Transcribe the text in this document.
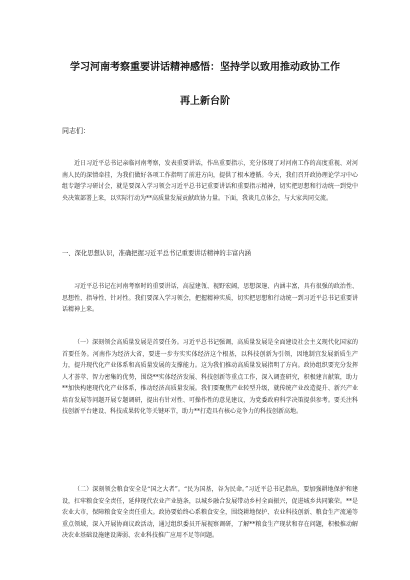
学习河南考察重要讲话精神感悟：坚持学以致用推动政协工作
再上新台阶
同志们：

近日习近平总书记亲临河南考察，发表重要讲话，作出重要指示，充分体现了对河南工作的高度重视、对河南人民的深情牵挂，为我们做好各项工作指明了前进方向，提供了根本遵循。今天，我们召开政协理论学习中心组专题学习研讨会，就是要深入学习领会习近平总书记重要讲话和重要指示精神，切实把思想和行动统一到党中央决策部署上来，以实际行动为**高质量发展贡献政协力量。下面，我谈几点体会，与大家共同交流。

一、深化思想认识，准确把握习近平总书记重要讲话精神的丰富内涵

习近平总书记在河南考察时的重要讲话，高屋建瓴、视野宏阔，思想深邃、内涵丰富，具有很强的政治性、思想性、指导性、针对性。我们要深入学习领会，把握精神实质，切实把思想和行动统一到习近平总书记重要讲话精神上来。

（一）深刻领会高质量发展是首要任务。习近平总书记强调，高质量发展是全面建设社会主义现代化国家的首要任务。河南作为经济大省，要进一步夯实实体经济这个根基，以科技创新为引领，因地制宜发展新质生产力，提升现代化产业体系和高质量发展的支撑能力。这为我们推动高质量发展指明了方向。政协组织要充分发挥人才荟萃、智力密集的优势，围绕**实体经济发展、科技创新等重点工作，深入调查研究，积极建言献策，助力**加快构建现代化产业体系，推动经济高质量发展。我们要聚焦产业转型升级，就传统产业改造提升、新兴产业培育发展等问题开展专题调研，提出有针对性、可操作性的意见建议，为党委政府科学决策提供参考。要关注科技创新平台建设、科技成果转化等关键环节，助力**打造具有核心竞争力的科技创新高地。

（二）深刻领会粮食安全是“国之大者”。“民为国基，谷为民命。”习近平总书记指出，要加强耕地保护和建设，扛牢粮食安全责任，延伸现代农业产业链条，以城乡融合发展带动乡村全面振兴，促进城乡共同繁荣。**是农业大市，保障粮食安全责任重大。政协要始终心系粮食安全，围绕耕地保护、农业科技创新、粮食生产流通等重点领域，深入开展协商议政活动，通过组织委员开展视察调研，了解**粮食生产现状和存在问题，积极推动解决农业基础设施建设薄弱、农业科技推广应用不足等问题。
